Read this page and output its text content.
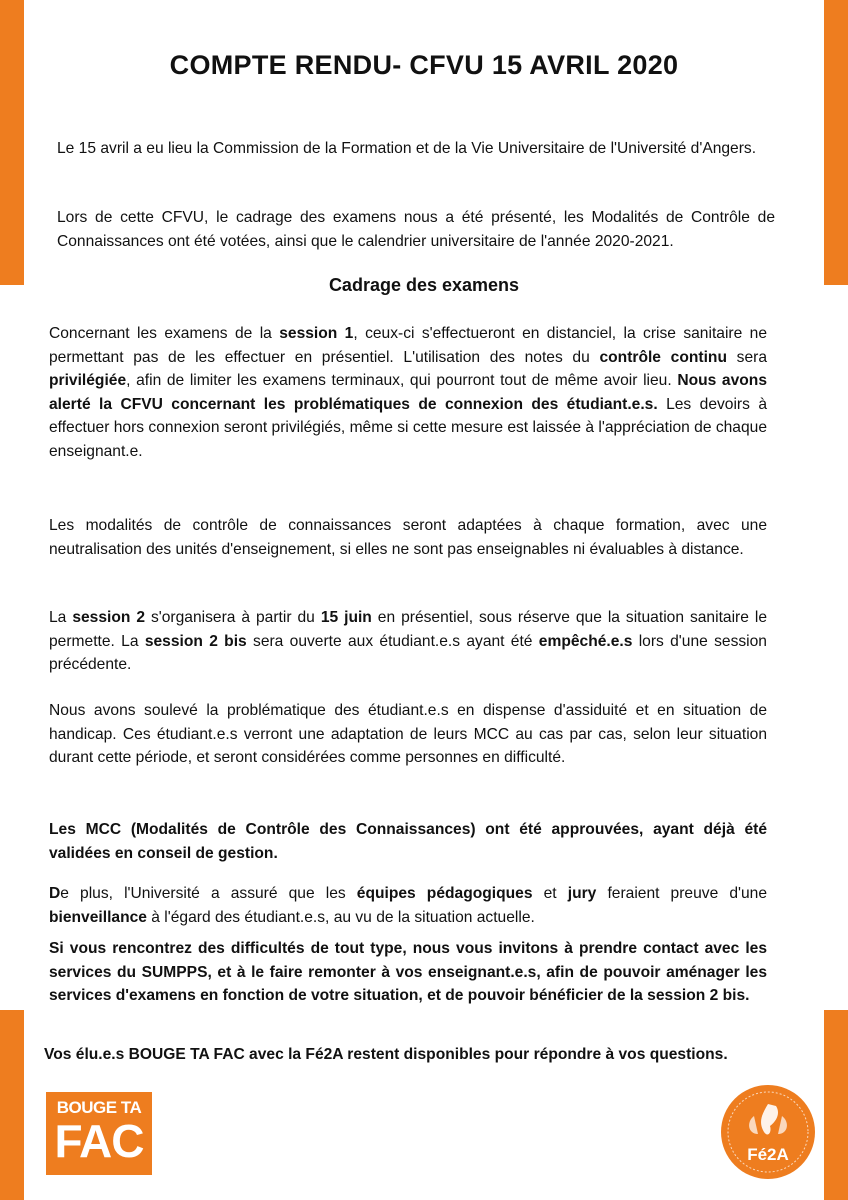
COMPTE RENDU- CFVU 15 AVRIL 2020

Le 15 avril a eu lieu la Commission de la Formation et de la Vie Universitaire de l'Université d'Angers.

Lors de cette CFVU, le cadrage des examens nous a été présenté, les Modalités de Contrôle de Connaissances ont été votées, ainsi que le calendrier universitaire de l'année 2020-2021.

Cadrage des examens

Concernant les examens de la session 1, ceux-ci s'effectueront en distanciel, la crise sanitaire ne permettant pas de les effectuer en présentiel. L'utilisation des notes du contrôle continu sera privilégiée, afin de limiter les examens terminaux, qui pourront tout de même avoir lieu. Nous avons alerté la CFVU concernant les problématiques de connexion des étudiant.e.s. Les devoirs à effectuer hors connexion seront privilégiés, même si cette mesure est laissée à l'appréciation de chaque enseignant.e.

Les modalités de contrôle de connaissances seront adaptées à chaque formation, avec une neutralisation des unités d'enseignement, si elles ne sont pas enseignables ni évaluables à distance.

La session 2 s'organisera à partir du 15 juin en présentiel, sous réserve que la situation sanitaire le permette. La session 2 bis sera ouverte aux étudiant.e.s ayant été empêché.e.s lors d'une session précédente.

Nous avons soulevé la problématique des étudiant.e.s en dispense d'assiduité et en situation de handicap. Ces étudiant.e.s verront une adaptation de leurs MCC au cas par cas, selon leur situation durant cette période, et seront considérées comme personnes en difficulté.

Les MCC (Modalités de Contrôle des Connaissances) ont été approuvées, ayant déjà été validées en conseil de gestion.

De plus, l'Université a assuré que les équipes pédagogiques et jury feraient preuve d'une bienveillance à l'égard des étudiant.e.s, au vu de la situation actuelle.

Si vous rencontrez des difficultés de tout type, nous vous invitons à prendre contact avec les services du SUMPPS, et à le faire remonter à vos enseignant.e.s, afin de pouvoir aménager les services d'examens en fonction de votre situation, et de pouvoir bénéficier de la session 2 bis.

Vos élu.e.s BOUGE TA FAC avec la Fé2A restent disponibles pour répondre à vos questions.

BOUGE TA
FAC	Fé2A
